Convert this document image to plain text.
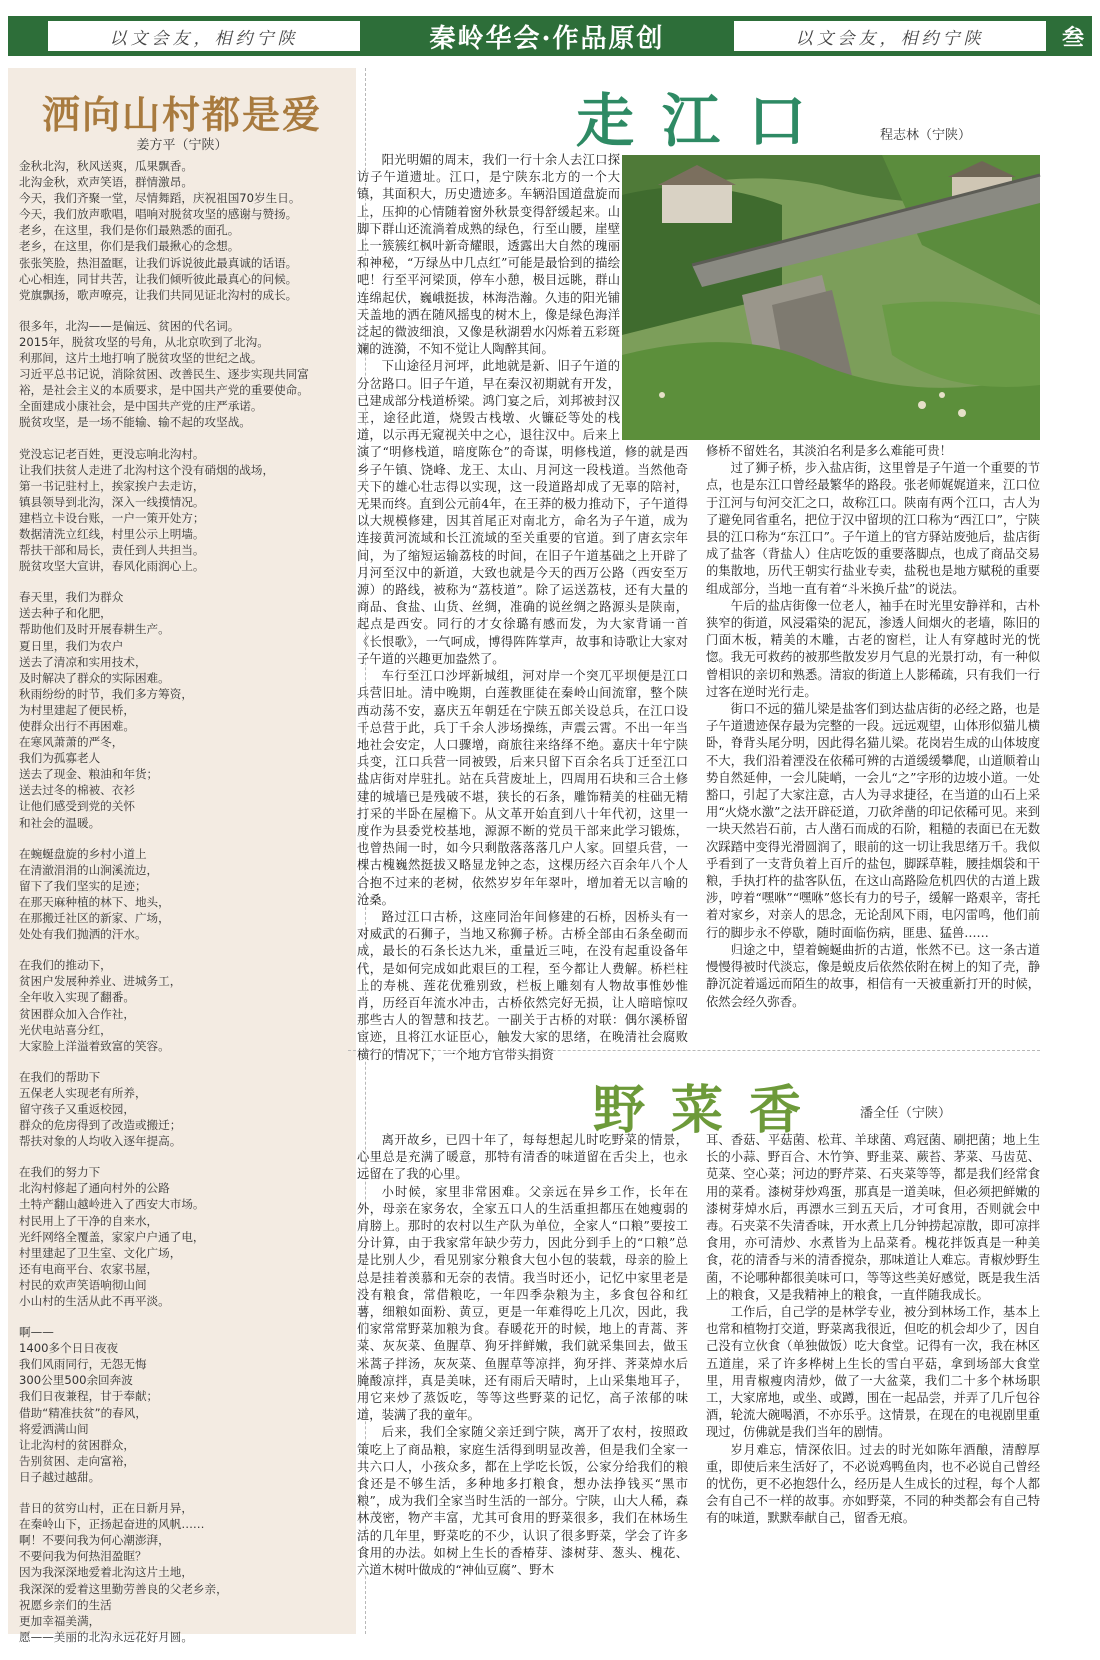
以文会友，相约宁陕	秦岭华会·作品原创	以文会友，相约宁陕	叁
洒向山村都是爱
姜方平（宁陕）

金秋北沟，秋风送爽，瓜果飘香。

北沟金秋，欢声笑语，群情激昂。

今天，我们齐聚一堂，尽情舞蹈，庆祝祖国70岁生日。

今天，我们放声歌唱，唱响对脱贫攻坚的感谢与赞扬。

老乡，在这里，我们是你们最熟悉的面孔。

老乡，在这里，你们是我们最揪心的念想。

张张笑脸，热泪盈眶，让我们诉说彼此最真诚的话语。

心心相连，同甘共苦，让我们倾听彼此最真心的问候。

党旗飘扬，歌声嘹亮，让我们共同见证北沟村的成长。

很多年，北沟——是偏远、贫困的代名词。

2015年，脱贫攻坚的号角，从北京吹到了北沟。

利那间，这片土地打响了脱贫攻坚的世纪之战。

习近平总书记说，消除贫困、改善民生、逐步实现共同富

裕，是社会主义的本质要求，是中国共产党的重要使命。

全面建成小康社会，是中国共产党的庄严承诺。

脱贫攻坚，是一场不能输、输不起的攻坚战。

党没忘记老百姓，更没忘响北沟村。

让我们扶贫人走进了北沟村这个没有硝烟的战场，

第一书记驻村上，挨家挨户去走访，

镇县领导到北沟，深入一线摸情况。

建档立卡设台账，一户一策开处方；

数据清洗立红线，村里公示上明墙。

帮扶干部和局长，责任到人共担当。

脱贫攻坚大宣讲，春风化雨润心上。

春天里，我们为群众

送去种子和化肥，

帮助他们及时开展春耕生产。

夏日里，我们为农户

送去了清凉和实用技术，

及时解决了群众的实际困难。

秋雨纷纷的时节，我们多方筹资，

为村里建起了便民桥，

使群众出行不再困难。

在寒风萧萧的严冬，

我们为孤寡老人

送去了现金、粮油和年货；

送去过冬的棉被、衣衫

让他们感受到党的关怀

和社会的温暖。

在蜿蜒盘旋的乡村小道上

在清澈涓涓的山涧溪流边，

留下了我们坚实的足迹；

在那天麻种植的林下、地头，

在那搬迁社区的新家、广场，

处处有我们抛洒的汗水。

在我们的推动下，

贫困户发展种养业、进城务工，

全年收入实现了翻番。

贫困群众加入合作社，

光伏电站喜分红，

大家脸上洋溢着致富的笑容。

在我们的帮助下

五保老人实现老有所养，

留守孩子又重返校园，

群众的危房得到了改造或搬迁；

帮扶对象的人均收入逐年提高。

在我们的努力下

北沟村修起了通向村外的公路

土特产翻山越岭进入了西安大市场。

村民用上了干净的自来水，

光纤网络全覆盖，家家户户通了电，

村里建起了卫生室、文化广场，

还有电商平台、农家书屋，

村民的欢声笑语响彻山间

小山村的生活从此不再平淡。

啊——

1400多个日日夜夜

我们风雨同行，无怨无悔

300公里500余回奔波

我们日夜兼程，甘于奉献；

借助“精准扶贫”的春风，

将爱洒满山间

让北沟村的贫困群众，

告别贫困、走向富裕，

日子越过越甜。

昔日的贫穷山村，正在日新月异，

在秦岭山下，正扬起奋进的风帆……

啊！不要问我为何心潮澎湃，

不要问我为何热泪盈眶？

因为我深深地爱着北沟这片土地，

我深深的爱着这里勤劳善良的父老乡亲，

祝愿乡亲们的生活

更加幸福美满，

愿——美丽的北沟永远花好月圆。

走江口	程志林（宁陕）

阳光明媚的周末，我们一行十余人去江口探访子午道遗址。江口，是宁陕东北方的一个大镇，其面积大，历史遗迹多。车辆沿国道盘旋而上，压抑的心情随着窗外秋景变得舒缓起来。山脚下群山还流淌着成熟的绿色，行至山腰，崖壁上一簇簇红枫叶新奇耀眼，透露出大自然的瑰丽和神秘，“万绿丛中几点红”可能是最恰到的描绘吧！行至平河梁顶，停车小憩，极目远眺，群山连绵起伏，巍峨挺拔，林海浩瀚。久违的阳光铺天盖地的洒在随风摇曳的树木上，像是绿色海洋泛起的微波细浪，又像是秋湖碧水闪烁着五彩斑斓的涟漪，不知不觉让人陶醉其间。

下山途径月河坪，此地就是新、旧子午道的分岔路口。旧子午道，早在秦汉初期就有开发，已建成部分栈道桥梁。鸿门宴之后，刘邦被封汉王，途径此道，烧毁古栈墩、火镰砭等处的栈道，以示再无窥视关中之心，退往汉中。后来上演了“明修栈道，暗度陈仓”的奇谋，明修栈道，修的就是西乡子午镇、饶峰、龙王、太山、月河这一段栈道。当然他奇天下的雄心壮志得以实现，这一段道路却成了无辜的陪衬，无果而终。直到公元前4年，在王莽的极力推动下，子午道得以大规模修建，因其首尾正对南北方，命名为子午道，成为连接黄河流域和长江流域的至关重要的官道。到了唐玄宗年间，为了缩短运输荔枝的时间，在旧子午道基础之上开辟了月河至汉中的新道，大致也就是今天的西万公路（西安至万源）的路线，被称为“荔枝道”。除了运送荔枝，还有大量的商品、食盐、山货、丝绸，准确的说丝绸之路源头是陕南，起点是西安。同行的才女徐璐有感而发，为大家背诵一首《长恨歌》，一气呵成，博得阵阵掌声，故事和诗歌让大家对子午道的兴趣更加盎然了。

车行至江口沙坪新城组，河对岸一个突兀平坝便是江口兵营旧址。清中晚期，白莲教匪徒在秦岭山间流窜，整个陕西动荡不安，嘉庆五年朝廷在宁陕五郎关设总兵，在江口设千总营于此，兵丁千余人涉场操练，声震云霄。不出一年当地社会安定，人口骤增，商旅往来络绎不绝。嘉庆十年宁陕兵变，江口兵营一同被毁，后来只留下百余名兵丁迁至江口盐店街对岸驻扎。站在兵营废址上，四周用石块和三合土修建的城墙已是残破不堪，狭长的石条，雕饰精美的柱础无精打采的半卧在屋檐下。从文革开始直到八十年代初，这里一度作为县委党校基地，源源不断的党员干部来此学习锻炼，也曾热闹一时，如今只剩散落落落几户人家。回望兵营，一棵古槐巍然挺拔又略显龙钟之态，这棵历经六百余年八个人合抱不过来的老树，依然岁岁年年翠叶，增加着无以言喻的沧桑。

路过江口古桥，这座同治年间修建的石桥，因桥头有一对威武的石狮子，当地又称狮子桥。古桥全部由石条垒砌而成，最长的石条长达九米，重量近三吨，在没有起重设备年代，是如何完成如此艰巨的工程，至今都让人费解。桥栏柱上的寿桃、莲花优雅别致，栏板上雕刻有人物故事惟妙惟肖，历经百年流水冲击，古桥依然完好无损，让人暗暗惊叹那些古人的智慧和技艺。一副关于古桥的对联：偶尔溪桥留宦迹，且将江水证臣心，触发大家的思绪，在晚清社会腐败横行的情况下，一个地方官带头捐资

修桥不留姓名，其淡泊名利是多么难能可贵！

过了狮子桥，步入盐店街，这里曾是子午道一个重要的节点，也是东江口曾经最繁华的路段。张老师娓娓道来，江口位于江河与旬河交汇之口，故称江口。陕南有两个江口，古人为了避免同省重名，把位于汉中留坝的江口称为“西江口”，宁陕县的江口称为“东江口”。子午道上的官方驿站废弛后，盐店街成了盐客（背盐人）住店吃饭的重要落脚点，也成了商品交易的集散地，历代王朝实行盐业专卖，盐税也是地方赋税的重要组成部分，当地一直有着“斗米换斤盐”的说法。

午后的盐店街像一位老人，袖手在时光里安静祥和，古朴狭窄的街道，风浸霜染的泥瓦，渗透人间烟火的老墙，陈旧的门面木板，精美的木雕，古老的窗栏，让人有穿越时光的恍惚。我无可救药的被那些散发岁月气息的光景打动，有一种似曾相识的亲切和熟悉。清寂的街道上人影稀疏，只有我们一行过客在逆时光行走。

街口不远的猫儿梁是盐客们到达盐店街的必经之路，也是子午道遗迹保存最为完整的一段。远远观望，山体形似猫儿横卧，脊背头尾分明，因此得名猫儿梁。花岗岩生成的山体坡度不大，我们沿着湮没在依稀可辨的古道缓缓攀爬，山道顺着山势自然延伸，一会儿陡峭，一会儿“之”字形的边坡小道。一处豁口，引起了大家注意，古人为寻求捷径，在当道的山石上采用“火烧水激”之法开辟砭道，刀砍斧凿的印记依稀可见。来到一块天然岩石前，古人凿石而成的石阶，粗糙的表面已在无数次踩踏中变得光滑圆润了，眼前的这一切让我思绪万千。我似乎看到了一支背负着上百斤的盐包，脚踩草鞋，腰挂烟袋和干粮，手执打杵的盐客队伍，在这山高路险危机四伏的古道上跋涉，哼着“嘿咻”“嘿咻”悠长有力的号子，缓解一路艰辛，寄托着对家乡，对亲人的思念，无论刮风下雨，电闪雷鸣，他们前行的脚步永不停歇，随时面临伤病，匪患、猛兽……

归途之中，望着蜿蜒曲折的古道，怅然不已。这一条古道慢慢得被时代淡忘，像是蜕皮后依然依附在树上的知了壳，静静沉淀着遥远而陌生的故事，相信有一天被重新打开的时候，依然会经久弥香。

野菜香	潘全任（宁陕）

离开故乡，已四十年了，每每想起儿时吃野菜的情景，心里总是充满了暖意，那特有清香的味道留在舌尖上，也永远留在了我的心里。

小时候，家里非常困难。父亲远在异乡工作，长年在外，母亲在家务农，全家五口人的生活重担都压在她瘦弱的肩膀上。那时的农村以生产队为单位，全家人“口粮”要按工分计算，由于我家常年缺少劳力，因此分到手上的“口粮”总是比别人少，看见别家分粮食大包小包的装载，母亲的脸上总是挂着羡慕和无奈的表情。我当时还小，记忆中家里老是没有粮食，常借粮吃，一年四季杂粮为主，多食包谷和红薯，细粮如面粉、黄豆，更是一年难得吃上几次，因此，我们家常常野菜加粮为食。春暖花开的时候，地上的青蒿、荠菜、灰灰菜、鱼腥草、狗牙拌鲜嫩，我们就采集回去，做玉米蒿子拌汤，灰灰菜、鱼腥草等凉拌，狗牙拌、荠菜焯水后腌酸凉拌，真是美味，还有雨后天晴时，上山采集地耳子，用它来炒了蒸饭吃，等等这些野菜的记忆，高子浓郁的味道，装满了我的童年。

后来，我们全家随父亲迁到宁陕，离开了农村，按照政策吃上了商品粮，家庭生活得到明显改善，但是我们全家一共六口人，小孩众多，都在上学吃长饭，公家分给我们的粮食还是不够生活，多种地多打粮食，想办法挣钱买“黑市粮”，成为我们全家当时生活的一部分。宁陕，山大人稀，森林茂密，物产丰富，尤其可食用的野菜很多，我们在林场生活的几年里，野菜吃的不少，认识了很多野菜，学会了许多食用的办法。如树上生长的香椿芽、漆树芽、葱头、槐花、六道木树叶做成的“神仙豆腐”、野木

耳、香菇、平菇菌、松茸、羊球菌、鸡冠菌、刷把菌；地上生长的小蒜、野百合、木竹笋、野韭菜、蕨苔、茅菜、马齿苋、苋菜、空心菜；河边的野芹菜、石夹菜等等，都是我们经常食用的菜肴。漆树芽炒鸡蛋，那真是一道美味，但必须把鲜嫩的漆树芽焯水后，再漂水三到五天后，才可食用，否则就会中毒。石夹菜不失清香味，开水煮上几分钟捞起凉散，即可凉拌食用，亦可清炒、水煮皆为上品菜肴。槐花拌饭真是一种美食，花的清香与米的清香搅杂，那味道让人难忘。青椒炒野生菌，不论哪种都很美味可口，等等这些美好感觉，既是我生活上的粮食，又是我精神上的粮食，一直伴随我成长。

工作后，自己学的是林学专业，被分到林场工作，基本上也常和植物打交道，野菜离我很近，但吃的机会却少了，因自己没有立伙食（单独做饭）吃大食堂。记得有一次，我在林区五道崖，采了许多桦树上生长的雪白平菇，拿到场部大食堂里，用青椒瘦肉清炒，做了一大盆菜，我们二十多个林场职工，大家席地，或坐、或蹲，围在一起品尝，并弄了几斤包谷酒，轮流大碗喝酒，不亦乐乎。这情景，在现在的电视剧里重现过，仿佛就是我们当年的剧情。

岁月难忘，情深依旧。过去的时光如陈年酒酿，清醇厚重，即使后来生活好了，不必说鸡鸭鱼肉，也不必说自己曾经的忧伤，更不必抱怨什么，经历是人生成长的过程，每个人都会有自己不一样的故事。亦如野菜，不同的种类都会有自己特有的味道，默默奉献自己，留香无痕。
